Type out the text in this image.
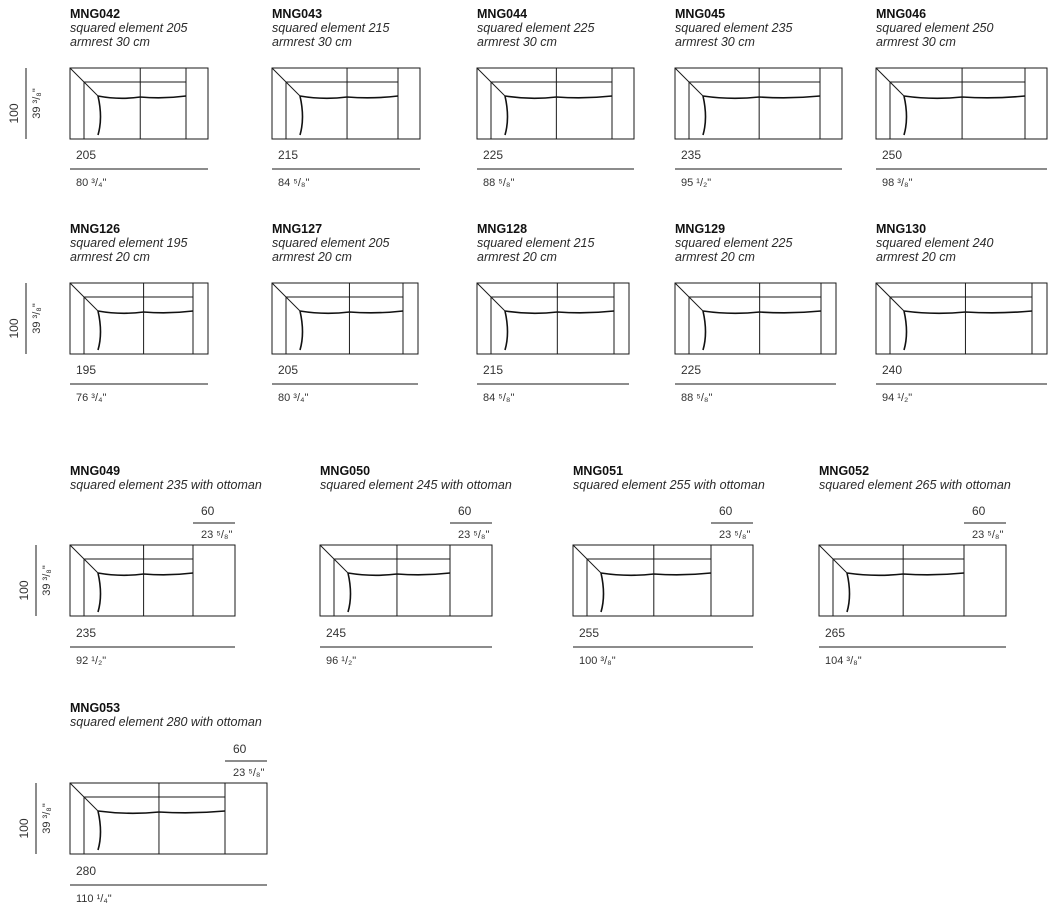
100 39 ³/₈"
MNG042
squared element 205
armrest 30 cm
205
80 ³/₄"
MNG043
squared element 215
armrest 30 cm
215
84 ⁵/₈"
MNG044
squared element 225
armrest 30 cm
225
88 ⁵/₈"
MNG045
squared element 235
armrest 30 cm
235
95 ¹/₂"
MNG046
squared element 250
armrest 30 cm
250
98 ³/₈"
100 39 ³/₈"
MNG126
squared element 195
armrest 20 cm
195
76 ³/₄"
MNG127
squared element 205
armrest 20 cm
205
80 ³/₄"
MNG128
squared element 215
armrest 20 cm
215
84 ⁵/₈"
MNG129
squared element 225
armrest 20 cm
225
88 ⁵/₈"
MNG130
squared element 240
armrest 20 cm
240
94 ¹/₂"
100 39 ³/₈"
MNG049
squared element 235 with ottoman
60
23 ⁵/₈"
235
92 ¹/₂"
MNG050
squared element 245 with ottoman
60
23 ⁵/₈"
245
96 ¹/₂"
MNG051
squared element 255 with ottoman
60
23 ⁵/₈"
255
100 ³/₈"
MNG052
squared element 265 with ottoman
60
23 ⁵/₈"
265
104 ³/₈"
100 39 ³/₈"
MNG053
squared element 280 with ottoman
60
23 ⁵/₈"
280
110 ¹/₄"
